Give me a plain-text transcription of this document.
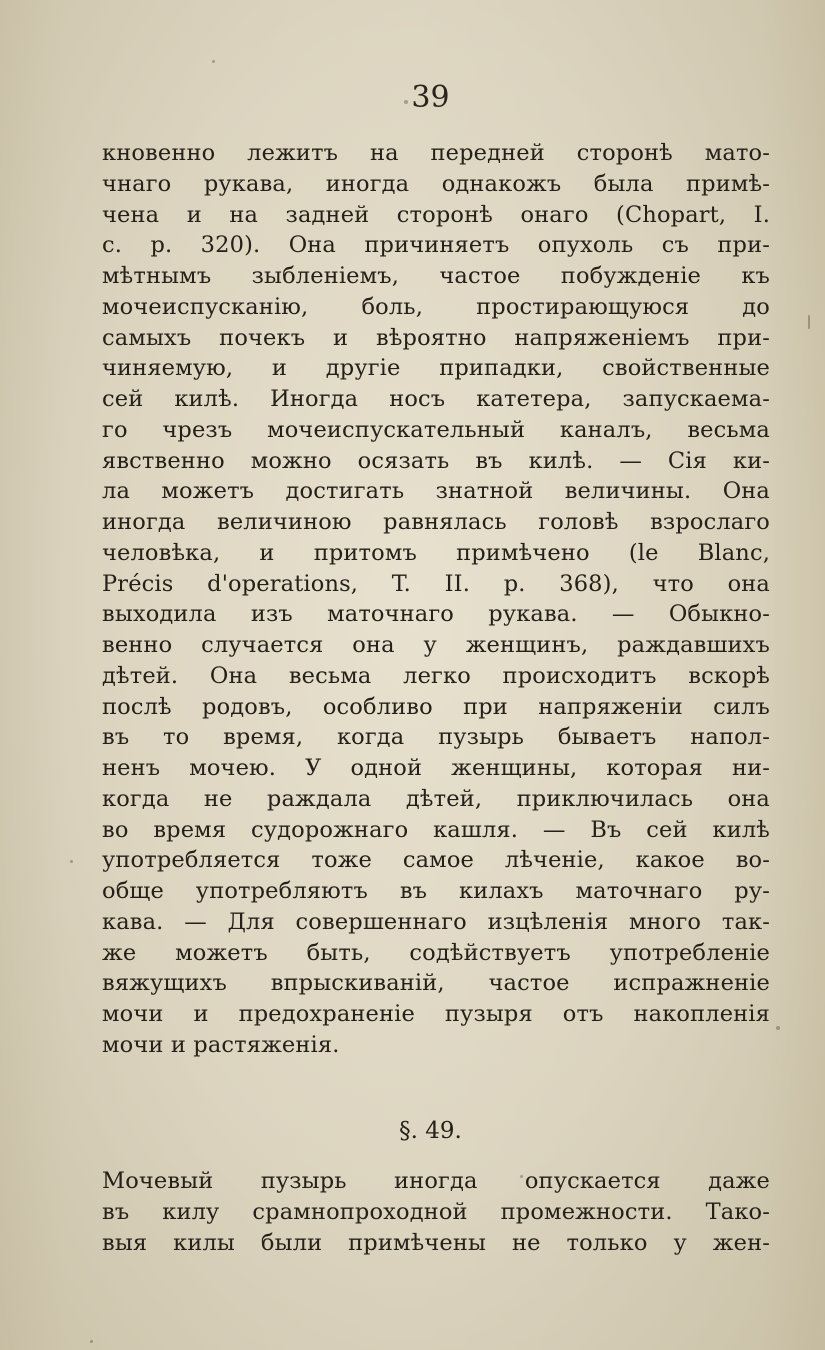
39

кновенно лежитъ на передней сторонѣ мато-
чнаго рукава, иногда однакожъ была примѣ-
чена и на задней сторонѣ онаго (Chopart, I.
c. p. 320). Она причиняетъ опухоль съ при-
мѣтнымъ зыбленіемъ, частое побужденіе къ
мочеиспусканію, боль, простирающуюся до
самыхъ почекъ и вѣроятно напряженіемъ при-
чиняемую, и другіе припадки, свойственные
сей килѣ. Иногда носъ катетера, запускаема-
го чрезъ мочеиспускательный каналъ, весьма
явственно можно осязать въ килѣ. — Сія ки-
ла можетъ достигать знатной величины. Она
иногда величиною равнялась головѣ взрослаго
человѣка, и притомъ примѣчено (le Blanc,
Précis d'operations, T. II. p. 368), что она
выходила изъ маточнаго рукава. — Обыкно-
венно случается она у женщинъ, раждавшихъ
дѣтей. Она весьма легко происходитъ вскорѣ
послѣ родовъ, особливо при напряженіи силъ
въ то время, когда пузырь бываетъ напол-
ненъ мочею. У одной женщины, которая ни-
когда не раждала дѣтей, приключилась она
во время судорожнаго кашля. — Въ сей килѣ
употребляется тоже самое лѣченіе, какое во-
обще употребляютъ въ килахъ маточнаго ру-
кава. — Для совершеннаго изцѣленія много так-
же можетъ быть, содѣйствуетъ употребленіе
вяжущихъ впрыскиваній, частое испражненіе
мочи и предохраненіе пузыря отъ накопленія
мочи и растяженія.

§. 49.

Мочевый пузырь иногда опускается даже
въ килу срамнопроходной промежности. Тако-
выя килы были примѣчены не только у жен-
